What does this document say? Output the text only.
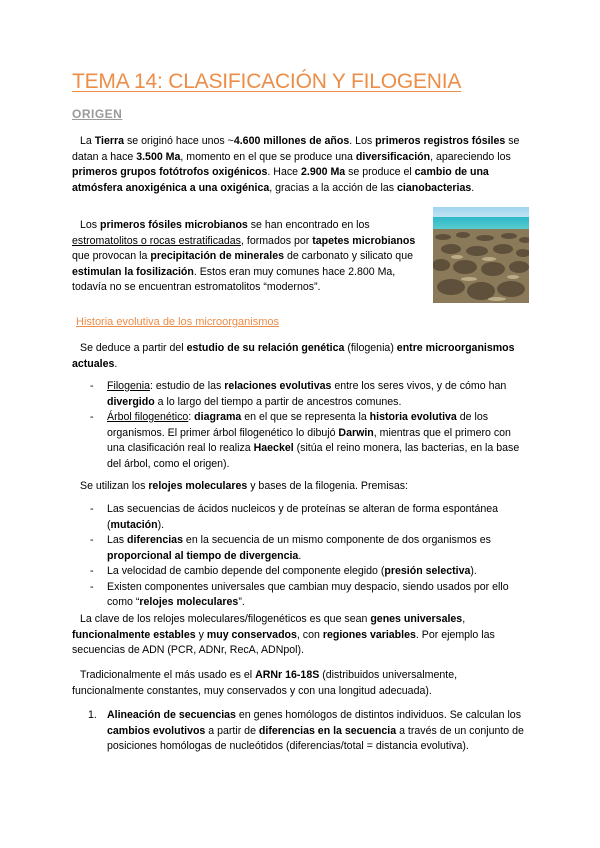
TEMA 14: CLASIFICACIÓN Y FILOGENIA
ORIGEN
La Tierra se originó hace unos ~4.600 millones de años. Los primeros registros fósiles se datan a hace 3.500 Ma, momento en el que se produce una diversificación, apareciendo los primeros grupos fotótrofos oxigénicos. Hace 2.900 Ma se produce el cambio de una atmósfera anoxigénica a una oxigénica, gracias a la acción de las cianobacterias.
Los primeros fósiles microbianos se han encontrado en los estromatolitos o rocas estratificadas, formados por tapetes microbianos que provocan la precipitación de minerales de carbonato y silicato que estimulan la fosilización. Estos eran muy comunes hace 2.800 Ma, todavía no se encuentran estromatolitos “modernos”.
Historia evolutiva de los microorganismos
Se deduce a partir del estudio de su relación genética (filogenia) entre microorganismos actuales.
- Filogenia: estudio de las relaciones evolutivas entre los seres vivos, y de cómo han divergido a lo largo del tiempo a partir de ancestros comunes.
- Árbol filogenético: diagrama en el que se representa la historia evolutiva de los organismos. El primer árbol filogenético lo dibujó Darwin, mientras que el primero con una clasificación real lo realiza Haeckel (sitúa el reino monera, las bacterias, en la base del árbol, como el origen).
Se utilizan los relojes moleculares y bases de la filogenia. Premisas:
- Las secuencias de ácidos nucleicos y de proteínas se alteran de forma espontánea (mutación).
- Las diferencias en la secuencia de un mismo componente de dos organismos es proporcional al tiempo de divergencia.
- La velocidad de cambio depende del componente elegido (presión selectiva).
- Existen componentes universales que cambian muy despacio, siendo usados por ello como “relojes moleculares”.
La clave de los relojes moleculares/filogenéticos es que sean genes universales, funcionalmente estables y muy conservados, con regiones variables. Por ejemplo las secuencias de ADN (PCR, ADNr, RecA, ADNpol).
Tradicionalmente el más usado es el ARNr 16-18S (distribuidos universalmente, funcionalmente constantes, muy conservados y con una longitud adecuada).
1. Alineación de secuencias en genes homólogos de distintos individuos. Se calculan los cambios evolutivos a partir de diferencias en la secuencia a través de un conjunto de posiciones homólogas de nucleótidos (diferencias/total = distancia evolutiva).
